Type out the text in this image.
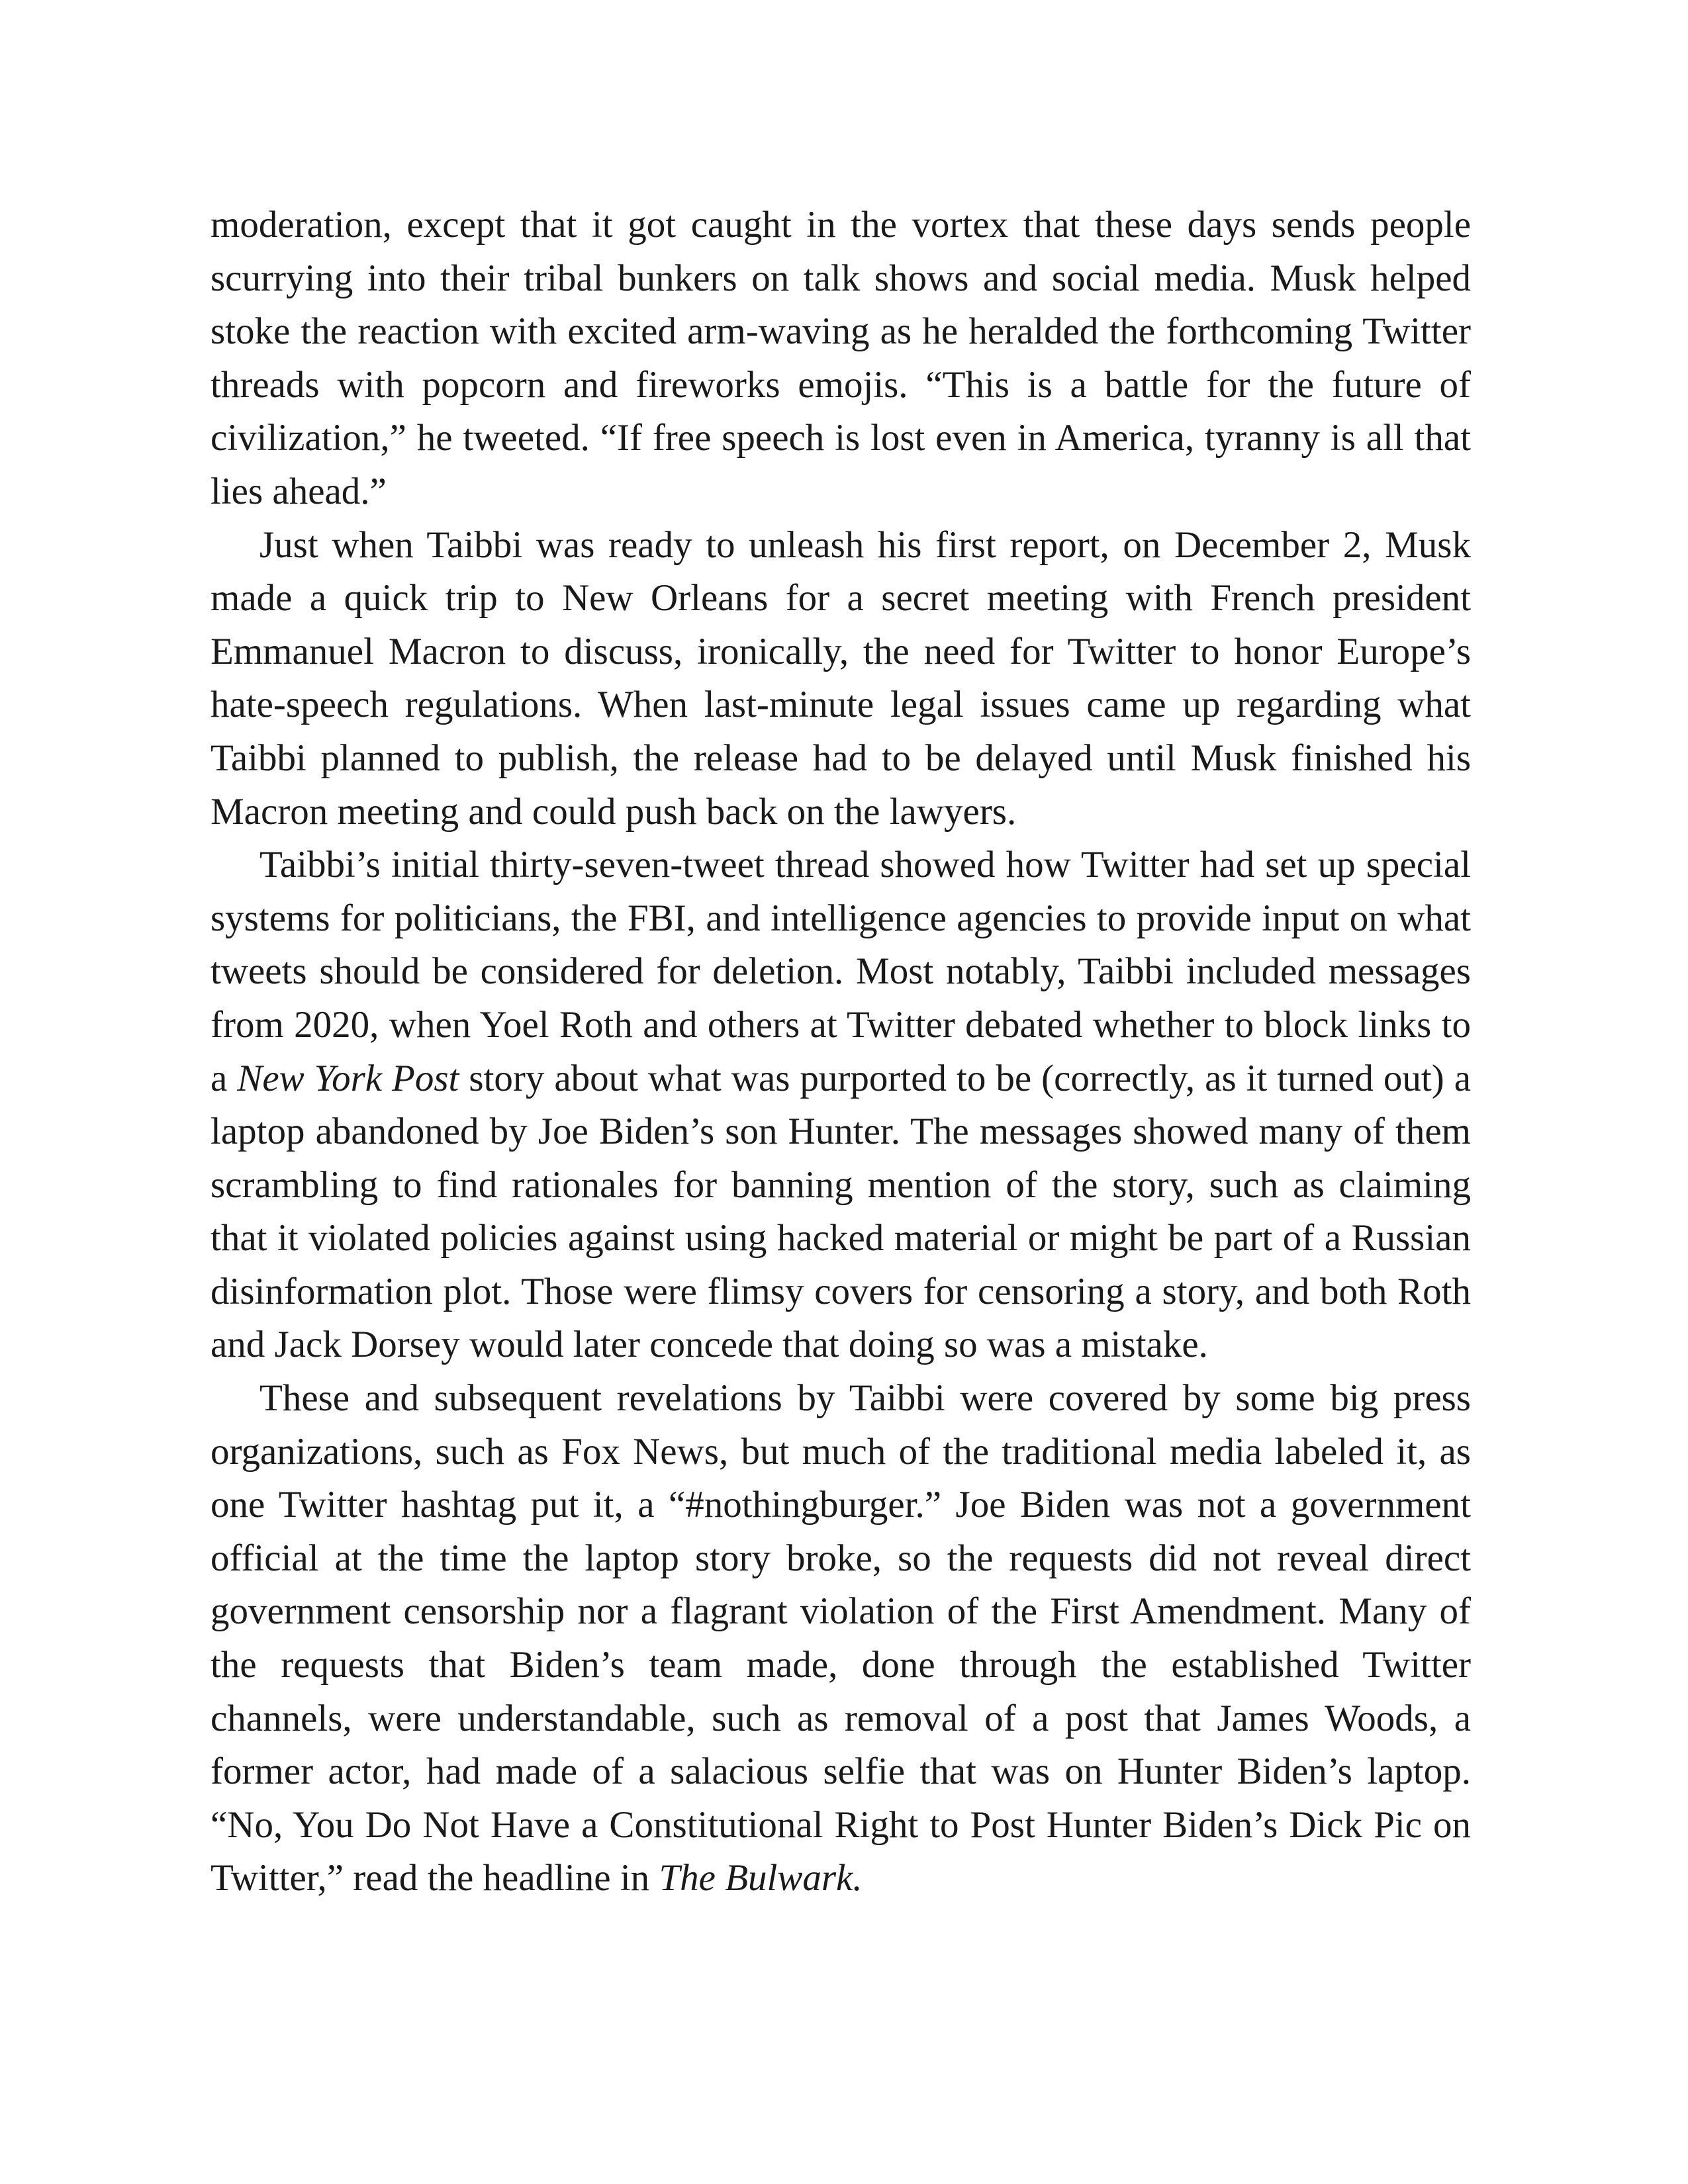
moderation, except that it got caught in the vortex that these days sends people scurrying into their tribal bunkers on talk shows and social media. Musk helped stoke the reaction with excited arm-waving as he heralded the forthcoming Twitter threads with popcorn and fireworks emojis. “This is a battle for the future of civilization,” he tweeted. “If free speech is lost even in America, tyranny is all that lies ahead.”

Just when Taibbi was ready to unleash his first report, on December 2, Musk made a quick trip to New Orleans for a secret meeting with French president Emmanuel Macron to discuss, ironically, the need for Twitter to honor Europe’s hate-speech regulations. When last-minute legal issues came up regarding what Taibbi planned to publish, the release had to be delayed until Musk finished his Macron meeting and could push back on the lawyers.

Taibbi’s initial thirty-seven-tweet thread showed how Twitter had set up special systems for politicians, the FBI, and intelligence agencies to provide input on what tweets should be considered for deletion. Most notably, Taibbi included messages from 2020, when Yoel Roth and others at Twitter debated whether to block links to a New York Post story about what was purported to be (correctly, as it turned out) a laptop abandoned by Joe Biden’s son Hunter. The messages showed many of them scrambling to find rationales for banning mention of the story, such as claiming that it violated policies against using hacked material or might be part of a Russian disinformation plot. Those were flimsy covers for censoring a story, and both Roth and Jack Dorsey would later concede that doing so was a mistake.

These and subsequent revelations by Taibbi were covered by some big press organizations, such as Fox News, but much of the traditional media labeled it, as one Twitter hashtag put it, a “#nothingburger.” Joe Biden was not a government official at the time the laptop story broke, so the requests did not reveal direct government censorship nor a flagrant violation of the First Amendment. Many of the requests that Biden’s team made, done through the established Twitter channels, were understandable, such as removal of a post that James Woods, a former actor, had made of a salacious selfie that was on Hunter Biden’s laptop. “No, You Do Not Have a Constitutional Right to Post Hunter Biden’s Dick Pic on Twitter,” read the headline in The Bulwark.
